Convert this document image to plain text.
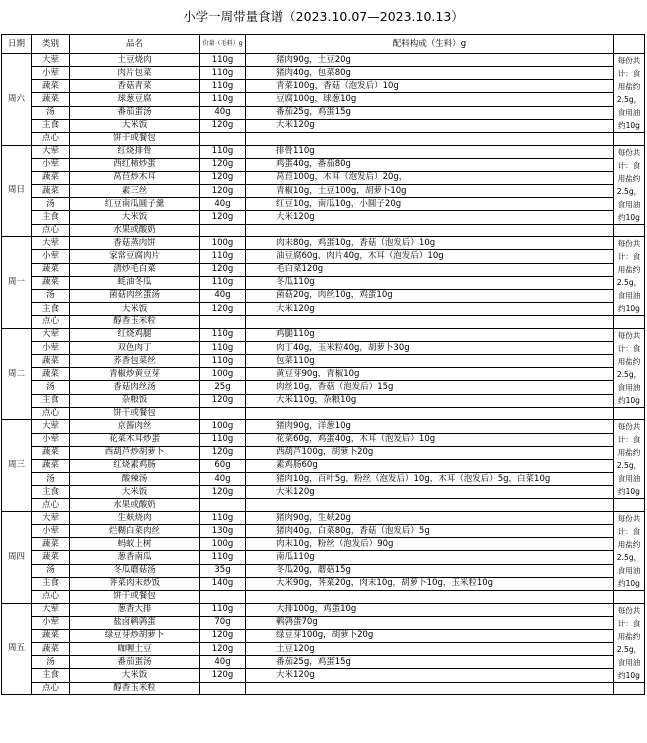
小学一周带量食谱（2023.10.07—2023.10.13）
日期	类别	品名	份量（毛料）g	配料构成（生料）g	
周六	大荤	土豆烧肉	110g	猪肉90g，土豆20g	每份共计：食用盐约2.5g，食用油约10g
	小荤	肉片包菜	110g	猪肉40g，包菜80g	
	蔬菜	香菇青菜	110g	青菜100g，香菇（泡发后）10g	
	蔬菜	球葱豆腐	110g	豆腐100g，球葱10g	
	汤	番茄蛋汤	40g	番茄25g，鸡蛋15g	
	主食	大米饭	120g	大米120g	
	点心	饼干或餐包			
周日	大荤	红烧排骨	110g	排骨110g	每份共计：食用盐约2.5g，食用油约10g
	小荤	西红柿炒蛋	120g	鸡蛋40g，番茄80g	
	蔬菜	莴苣炒木耳	120g	莴苣100g，木耳（泡发后）20g，	
	蔬菜	素三丝	120g	青椒10g，土豆100g，胡萝卜10g	
	汤	红豆南瓜圆子羹	40g	红豆10g，南瓜10g，小圆子20g	
	主食	大米饭	120g	大米120g	
	点心	水果或酸奶			
周一	大荤	香菇蒸肉饼	100g	肉末80g，鸡蛋10g，香菇（泡发后）10g	每份共计：食用盐约2.5g，食用油约10g
	小荤	家常豆腐肉片	110g	油豆腐60g，肉片40g，木耳（泡发后）10g	
	蔬菜	清炒毛白菜	120g	毛白菜120g	
	蔬菜	蚝油冬瓜	110g	冬瓜110g	
	汤	菌菇肉丝蛋汤	40g	菌菇20g，肉丝10g，鸡蛋10g	
	主食	大米饭	120g	大米120g	
	点心	醇香玉米粒			
周二	大荤	红烧鸡腿	110g	鸡腿110g	每份共计：食用盐约2.5g，食用油约10g
	小荤	双色肉丁	110g	肉丁40g，玉米粒40g，胡萝卜30g	
	蔬菜	荞香包菜丝	110g	包菜110g	
	蔬菜	青椒炒黄豆芽	100g	黄豆芽90g，青椒10g	
	汤	香菇肉丝汤	25g	肉丝10g，香菇（泡发后）15g	
	主食	杂粮饭	120g	大米110g，杂粮10g	
	点心	饼干或餐包			
周三	大荤	京酱肉丝	100g	猪肉90g，洋葱10g	每份共计：食用盐约2.5g，食用油约10g
	小荤	花菜木耳炒蛋	110g	花菜60g，鸡蛋40g，木耳（泡发后）10g	
	蔬菜	西葫芦炒胡萝卜	120g	西葫芦100g，胡萝卜20g	
	蔬菜	红烧素鸡肠	60g	素鸡肠60g	
	汤	酸辣汤	40g	猪肉10g，百叶5g，粉丝（泡发后）10g，木耳（泡发后）5g，白菜10g	
	主食	大米饭	120g	大米120g	
	点心	水果或酸奶			
周四	大荤	生麸烧肉	110g	猪肉90g，生麸20g	每份共计：食用盐约2.5g，食用油约10g
	小荤	烂糊白菜肉丝	130g	猪肉40g，白菜80g，香菇（泡发后）5g	
	蔬菜	蚂蚁上树	100g	肉末10g，粉丝（泡发后）90g	
	蔬菜	葱香南瓜	110g	南瓜110g	
	汤	冬瓜蘑菇汤	35g	冬瓜20g，蘑菇15g	
	主食	荠菜肉末炒饭	140g	大米90g，荠菜20g，肉末10g，胡萝卜10g，玉米粒10g	
	点心	饼干或餐包			
周五	大荤	葱香大排	110g	大排100g，鸡蛋10g	每份共计：食用盐约2.5g，食用油约10g
	小荤	盐卤鹌鹑蛋	70g	鹌鹑蛋70g	
	蔬菜	绿豆芽炒胡萝卜	120g	绿豆芽100g，胡萝卜20g	
	蔬菜	咖喱土豆	120g	土豆120g	
	汤	番茄蛋汤	40g	番茄25g，鸡蛋15g	
	主食	大米饭	120g	大米120g	
	点心	醇香玉米粒			
